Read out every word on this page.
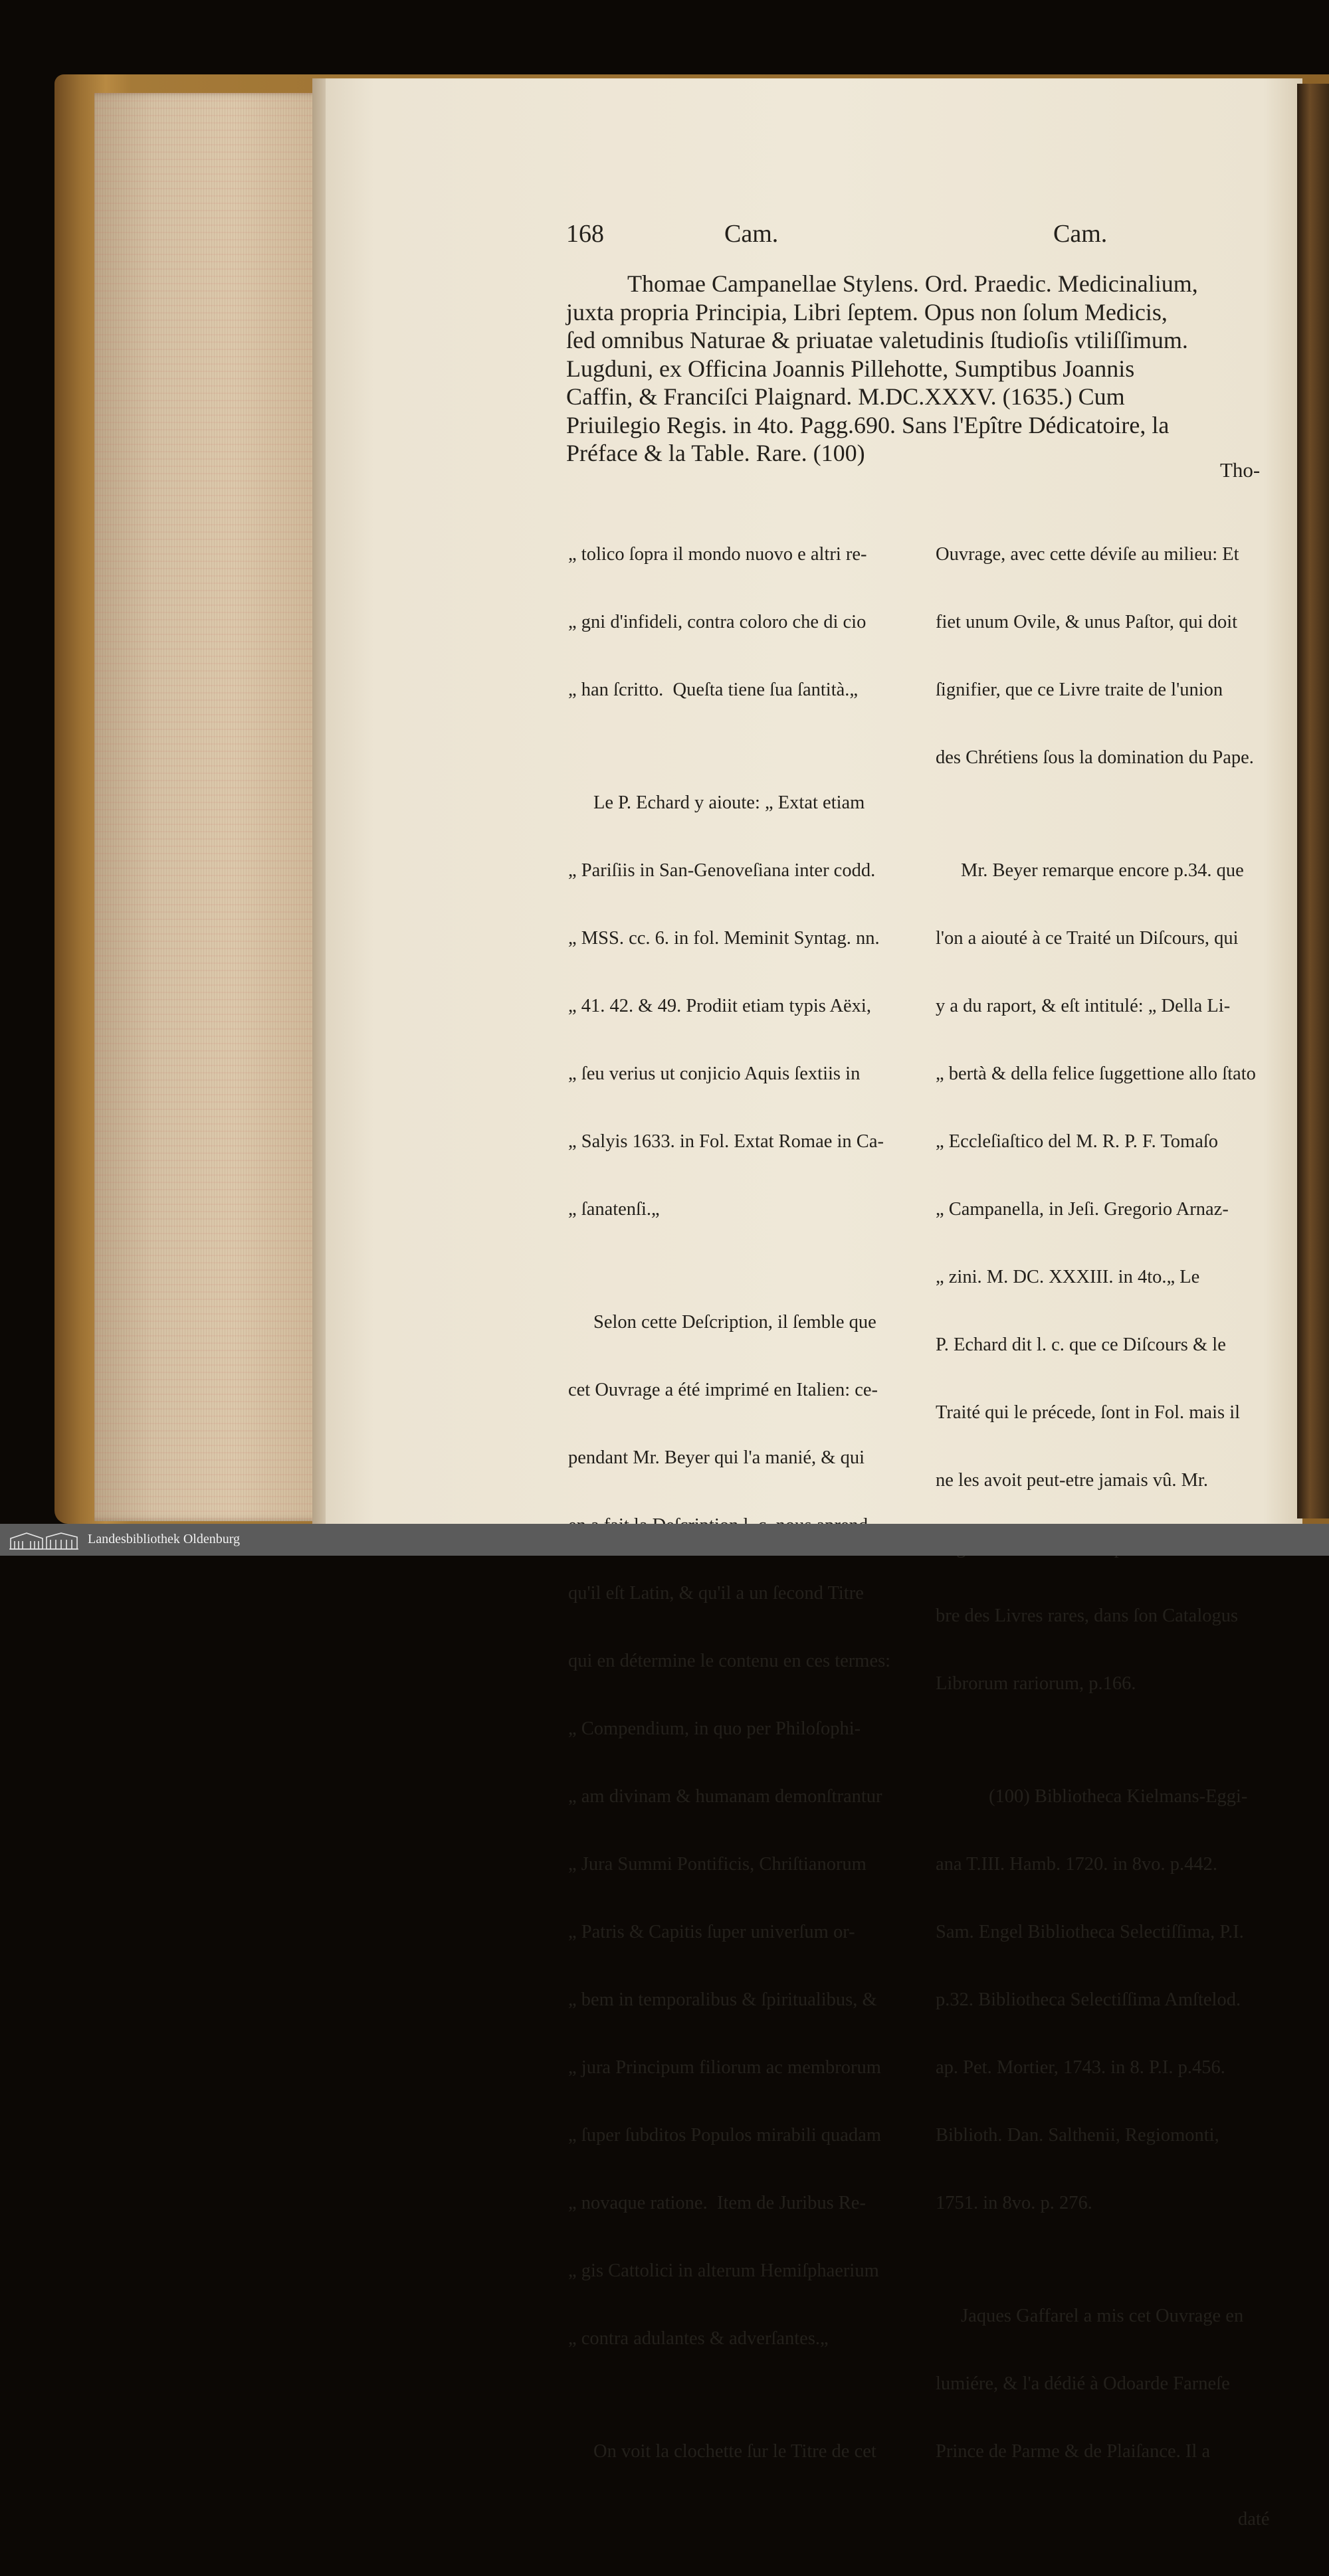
168	Cam.	Cam.
Thomae Campanellae Stylens. Ord. Praedic. Medicinalium,
juxta propria Principia, Libri ſeptem. Opus non ſolum Medicis,
ſed omnibus Naturae & priuatae valetudinis ſtudioſis vtiliſſimum.
Lugduni, ex Officina Joannis Pillehotte, Sumptibus Joannis
Caffin, & Franciſci Plaignard. M.DC.XXXV. (1635.) Cum
Priuilegio Regis. in 4to. Pagg.690. Sans l'Epître Dédicatoire, la
Préface & la Table. Rare. (100)
Tho-

„ tolico ſopra il mondo nuovo e altri re-

„ gni d'infideli, contra coloro che di cio

„ han ſcritto.  Queſta tiene ſua ſantità.„

Le P. Echard y aioute: „ Extat etiam

„ Pariſiis in San-Genoveſiana inter codd.

„ MSS. cc. 6. in fol. Meminit Syntag. nn.

„ 41. 42. & 49. Prodiit etiam typis Aëxi,

„ ſeu verius ut conjicio Aquis ſextiis in

„ Salyis 1633. in Fol. Extat Romae in Ca-

„ ſanatenſi.„

Selon cette Deſcription, il ſemble que

cet Ouvrage a été imprimé en Italien: ce-

pendant Mr. Beyer qui l'a manié, & qui

qu'il eſt Latin, & qu'il a un ſecond Titre

qui en détermine le contenu en ces termes:

„ Compendium, in quo per Philoſophi-

„ am divinam & humanam demonſtrantur

„ Jura Summi Pontificis, Chriſtianorum

„ Patris & Capitis ſuper univerſum or-

„ bem in temporalibus & ſpiritualibus, &

„ jura Principum filiorum ac membrorum

„ ſuper ſubditos Populos mirabili quadam

„ novaque ratione.  Item de Juribus Re-

„ gis Cattolici in alterum Hemiſphaerium

„ contra adulantes & adverſantes.„

On voit la clochette ſur le Titre de cet

Ouvrage, avec cette déviſe au milieu: Et

fiet unum Ovile, & unus Paſtor, qui doit

ſignifier, que ce Livre traite de l'union

des Chrétiens ſous la domination du Pape.

Mr. Beyer remarque encore p.34. que

l'on a aiouté à ce Traité un Diſcours, qui

y a du raport, & eſt intitulé: „ Della Li-

„ bertà & della felice ſuggettione allo ſtato

„ Eccleſiaſtico del M. R. P. F. Tomaſo

„ Campanella, in Jeſi. Gregorio Arnaz-

„ zini. M. DC. XXXIII. in 4to.„ Le

P. Echard dit l. c. que ce Diſcours & le

Traité qui le précede, ſont in Fol. mais il

ne les avoit peut-etre jamais vû. Mr.

bre des Livres rares, dans ſon Catalogus

Librorum rariorum, p.166.

(100) Bibliotheca Kielmans-Eggi-

ana T.III. Hamb. 1720. in 8vo. p.442.

Sam. Engel Bibliotheca Selectiſſima, P.I.

p.32. Bibliotheca Selectiſſima Amſtelod.

ap. Pet. Mortier, 1743. in 8. P.I. p.456.

Biblioth. Dan. Salthenii, Regiomonti,

1751. in 8vo. p. 276.

Jaques Gaffarel a mis cet Ouvrage en

lumiére, & l'a dédié à Odoarde Farneſe

Prince de Parme & de Plaiſance. Il a

daté

Landesbibliothek Oldenburg
